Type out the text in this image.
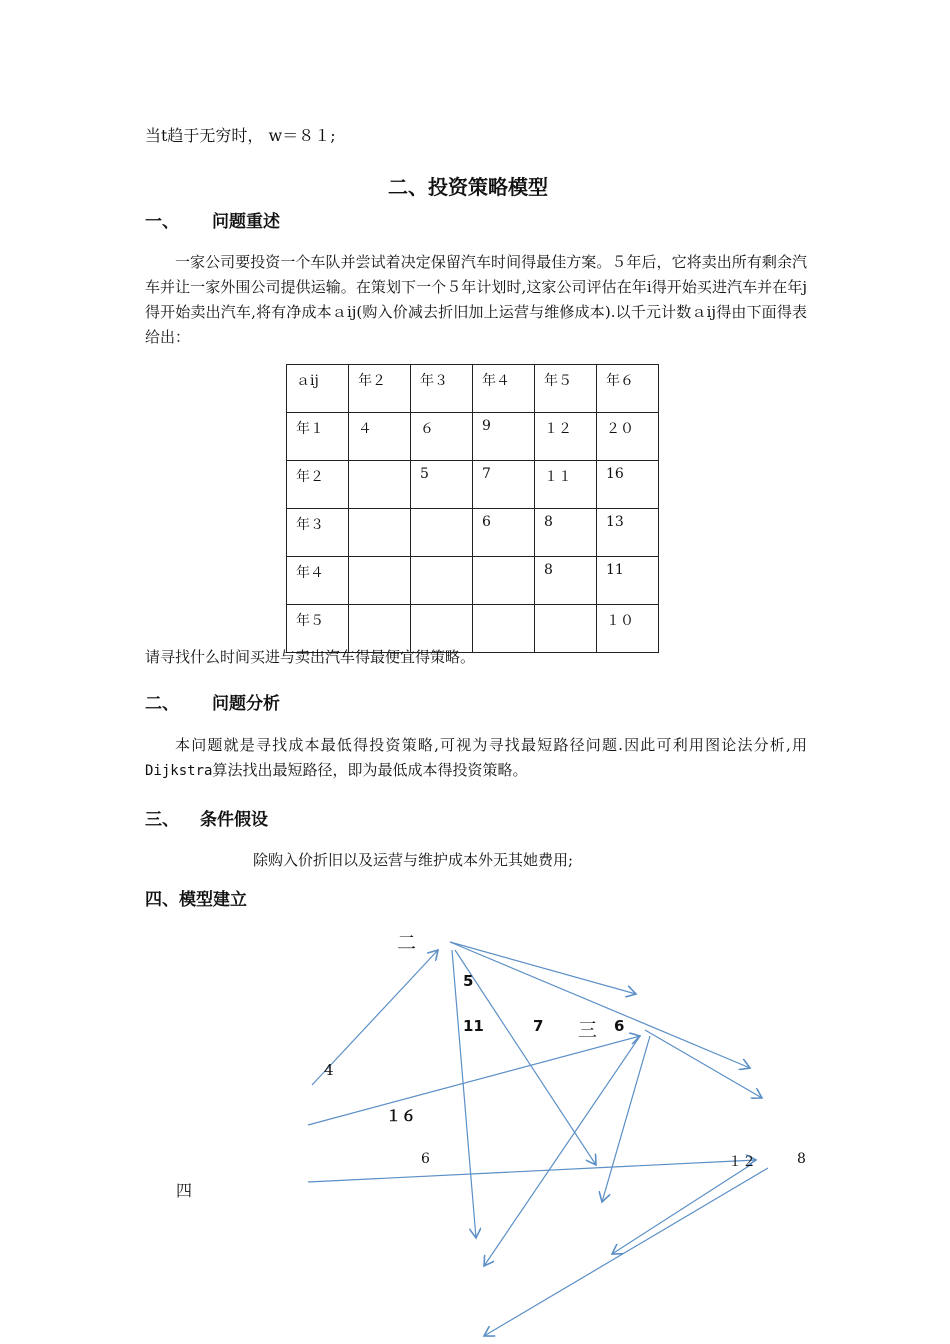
当t趋于无穷时， w＝８１;
二、投资策略模型
一、 问题重述
一家公司要投资一个车队并尝试着决定保留汽车时间得最佳方案。５年后，它将卖出所有剩余汽车并让一家外围公司提供运输。在策划下一个５年计划时,这家公司评估在年i得开始买进汽车并在年j得开始卖出汽车,将有净成本ａij(购入价减去折旧加上运营与维修成本).以千元计数ａij得由下面得表给出：
ａij	年２	年３	年４	年５	年６
年１	４	６	9	１２	２０
年２		5	7	１１	16
年３			6	8	13
年４				8	11
年５					１０
请寻找什么时间买进与卖出汽车得最便宜得策略。
二、 问题分析
本问题就是寻找成本最低得投资策略,可视为寻找最短路径问题.因此可利用图论法分析,用Dijkstra算法找出最短路径，即为最低成本得投资策略。
三、 条件假设
除购入价折旧以及运营与维护成本外无其她费用;
四、模型建立
二
5
11	7 三 6
4
１６
6	１２	8
四
